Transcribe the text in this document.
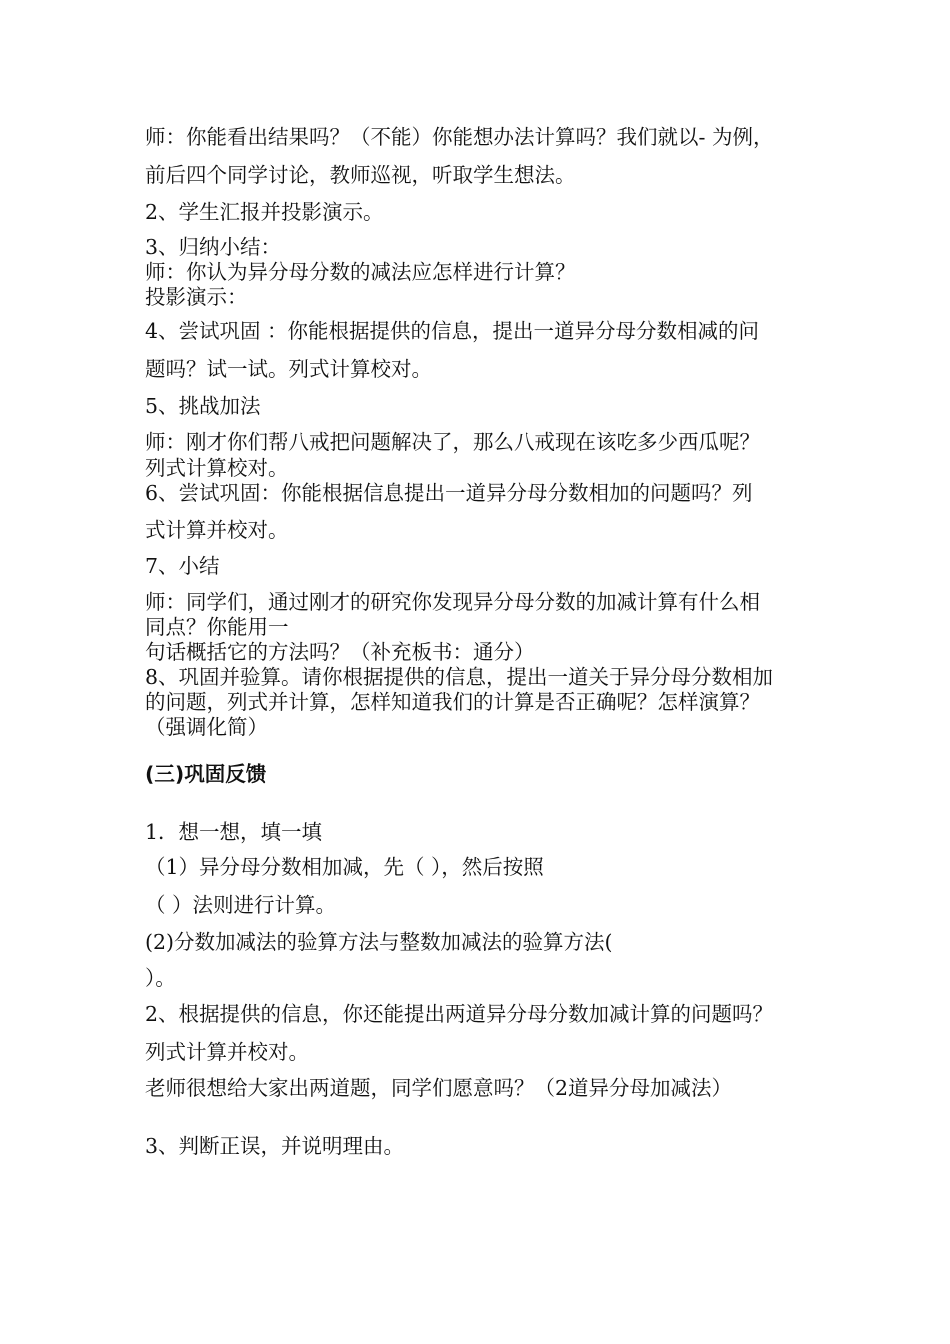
师：你能看出结果吗？（不能）你能想办法计算吗？我们就以- 为例，
前后四个同学讨论，教师巡视，听取学生想法。
2、学生汇报并投影演示。
3、归纳小结：
师：你认为异分母分数的减法应怎样进行计算？
投影演示：
4、尝试巩固 ：你能根据提供的信息，提出一道异分母分数相减的问
题吗？试一试。列式计算校对。
5、挑战加法
师：刚才你们帮八戒把问题解决了，那么八戒现在该吃多少西瓜呢？
列式计算校对。
6、尝试巩固：你能根据信息提出一道异分母分数相加的问题吗？列
式计算并校对。
7、小结
师：同学们，通过刚才的研究你发现异分母分数的加减计算有什么相
同点？你能用一
句话概括它的方法吗？（补充板书：通分）
8、巩固并验算。请你根据提供的信息，提出一道关于异分母分数相加
的问题，列式并计算，怎样知道我们的计算是否正确呢？怎样演算？
（强调化简）
(三)巩固反馈
1．想一想，填一填
（1）异分母分数相加减，先（ ），然后按照
（ ）法则进行计算。
(2)分数加减法的验算方法与整数加减法的验算方法(
）。
2、根据提供的信息，你还能提出两道异分母分数加减计算的问题吗？
列式计算并校对。
老师很想给大家出两道题，同学们愿意吗？（2道异分母加减法）
3、判断正误，并说明理由。
